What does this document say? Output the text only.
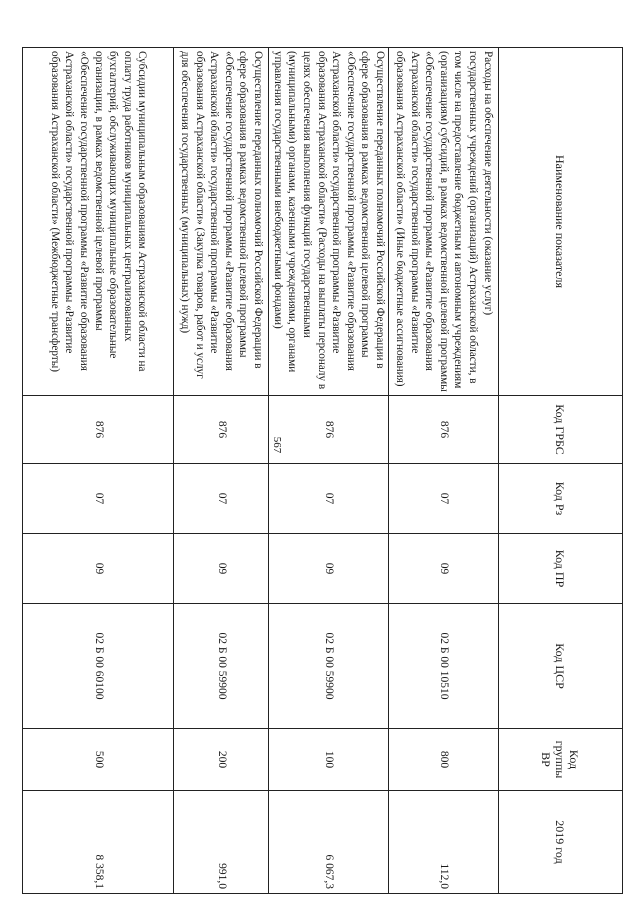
567
Наименование показателя	Код ГРБС	Код Рз	Код ПР	Код ЦСР	Код группы ВР	2019 год
Расходы на обеспечение деятельности (оказание услуг) государственных учреждений (организаций) Астраханской области, в том числе на предоставление бюджетным и автономным учреждениям (организациям) субсидий, в рамках ведомственной целевой программы «Обеспечение государственной программы «Развитие образования Астраханской области» государственной программы «Развитие образования Астраханской области» (Иные бюджетные ассигнования)	876	07	09	02 Б 00 10510	800	112,0
Осуществление переданных полномочий Российской Федерации в сфере образования в рамках ведомственной целевой программы «Обеспечение государственной программы «Развитие образования Астраханской области» государственной программы «Развитие образования Астраханской области» (Расходы на выплаты персоналу в целях обеспечения выполнения функций государственными (муниципальными) органами, казенными учреждениями, органами управления государственными внебюджетными фондами)	876	07	09	02 Б 00 59900	100	6 067,3
Осуществление переданных полномочий Российской Федерации в сфере образования в рамках ведомственной целевой программы «Обеспечение государственной программы «Развитие образования Астраханской области» государственной программы «Развитие образования Астраханской области» (Закупка товаров, работ и услуг для обеспечения государственных (муниципальных) нужд)	876	07	09	02 Б 00 59900	200	991,0
Субсидии муниципальным образованиям Астраханской области на оплату труда работников муниципальных централизованных бухгалтерий, обслуживающих муниципальные образовательные организации, в рамках ведомственной целевой программы «Обеспечение государственной программы «Развитие образования Астраханской области» государственной программы «Развитие образования Астраханской области» (Межбюджетные трансферты)	876	07	09	02 Б 00 60100	500	8 358,1
